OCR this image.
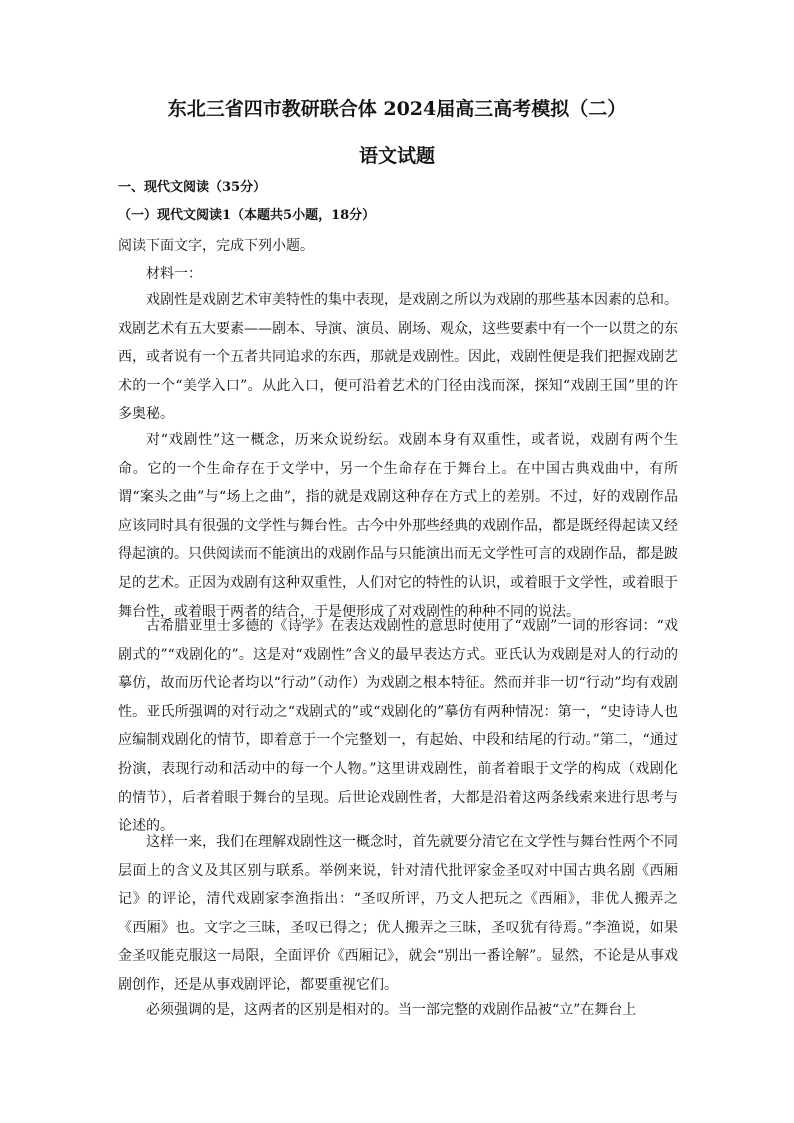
东北三省四市教研联合体 2024届高三高考模拟（二）
语文试题

一、现代文阅读（35分）

（一）现代文阅读1（本题共5小题，18分）

阅读下面文字，完成下列小题。

材料一：

戏剧性是戏剧艺术审美特性的集中表现，是戏剧之所以为戏剧的那些基本因素的总和。戏剧艺术有五大要素——剧本、导演、演员、剧场、观众，这些要素中有一个一以贯之的东西，或者说有一个五者共同追求的东西，那就是戏剧性。因此，戏剧性便是我们把握戏剧艺术的一个“美学入口”。从此入口，便可沿着艺术的门径由浅而深，探知“戏剧王国”里的许多奥秘。

对“戏剧性”这一概念，历来众说纷纭。戏剧本身有双重性，或者说，戏剧有两个生命。它的一个生命存在于文学中，另一个生命存在于舞台上。在中国古典戏曲中，有所谓“案头之曲”与“场上之曲”，指的就是戏剧这种存在方式上的差别。不过，好的戏剧作品应该同时具有很强的文学性与舞台性。古今中外那些经典的戏剧作品，都是既经得起读又经得起演的。只供阅读而不能演出的戏剧作品与只能演出而无文学性可言的戏剧作品，都是跛足的艺术。正因为戏剧有这种双重性，人们对它的特性的认识，或着眼于文学性，或着眼于舞台性，或着眼于两者的结合，于是便形成了对戏剧性的种种不同的说法。

古希腊亚里士多德的《诗学》在表达戏剧性的意思时使用了“戏剧”一词的形容词：“戏剧式的”“戏剧化的”。这是对“戏剧性”含义的最早表达方式。亚氏认为戏剧是对人的行动的摹仿，故而历代论者均以“行动”（动作）为戏剧之根本特征。然而并非一切“行动”均有戏剧性。亚氏所强调的对行动之“戏剧式的”或“戏剧化的”摹仿有两种情况：第一，“史诗诗人也应编制戏剧化的情节，即着意于一个完整划一，有起始、中段和结尾的行动。”第二，“通过扮演，表现行动和活动中的每一个人物。”这里讲戏剧性，前者着眼于文学的构成（戏剧化的情节），后者着眼于舞台的呈现。后世论戏剧性者，大都是沿着这两条线索来进行思考与论述的。

这样一来，我们在理解戏剧性这一概念时，首先就要分清它在文学性与舞台性两个不同层面上的含义及其区别与联系。举例来说，针对清代批评家金圣叹对中国古典名剧《西厢记》的评论，清代戏剧家李渔指出：“圣叹所评，乃文人把玩之《西厢》，非优人搬弄之《西厢》也。文字之三昧，圣叹已得之；优人搬弄之三昧，圣叹犹有待焉。”李渔说，如果金圣叹能克服这一局限，全面评价《西厢记》，就会“别出一番诠解”。显然，不论是从事戏剧创作，还是从事戏剧评论，都要重视它们。

必须强调的是，这两者的区别是相对的。当一部完整的戏剧作品被“立”在舞台上
